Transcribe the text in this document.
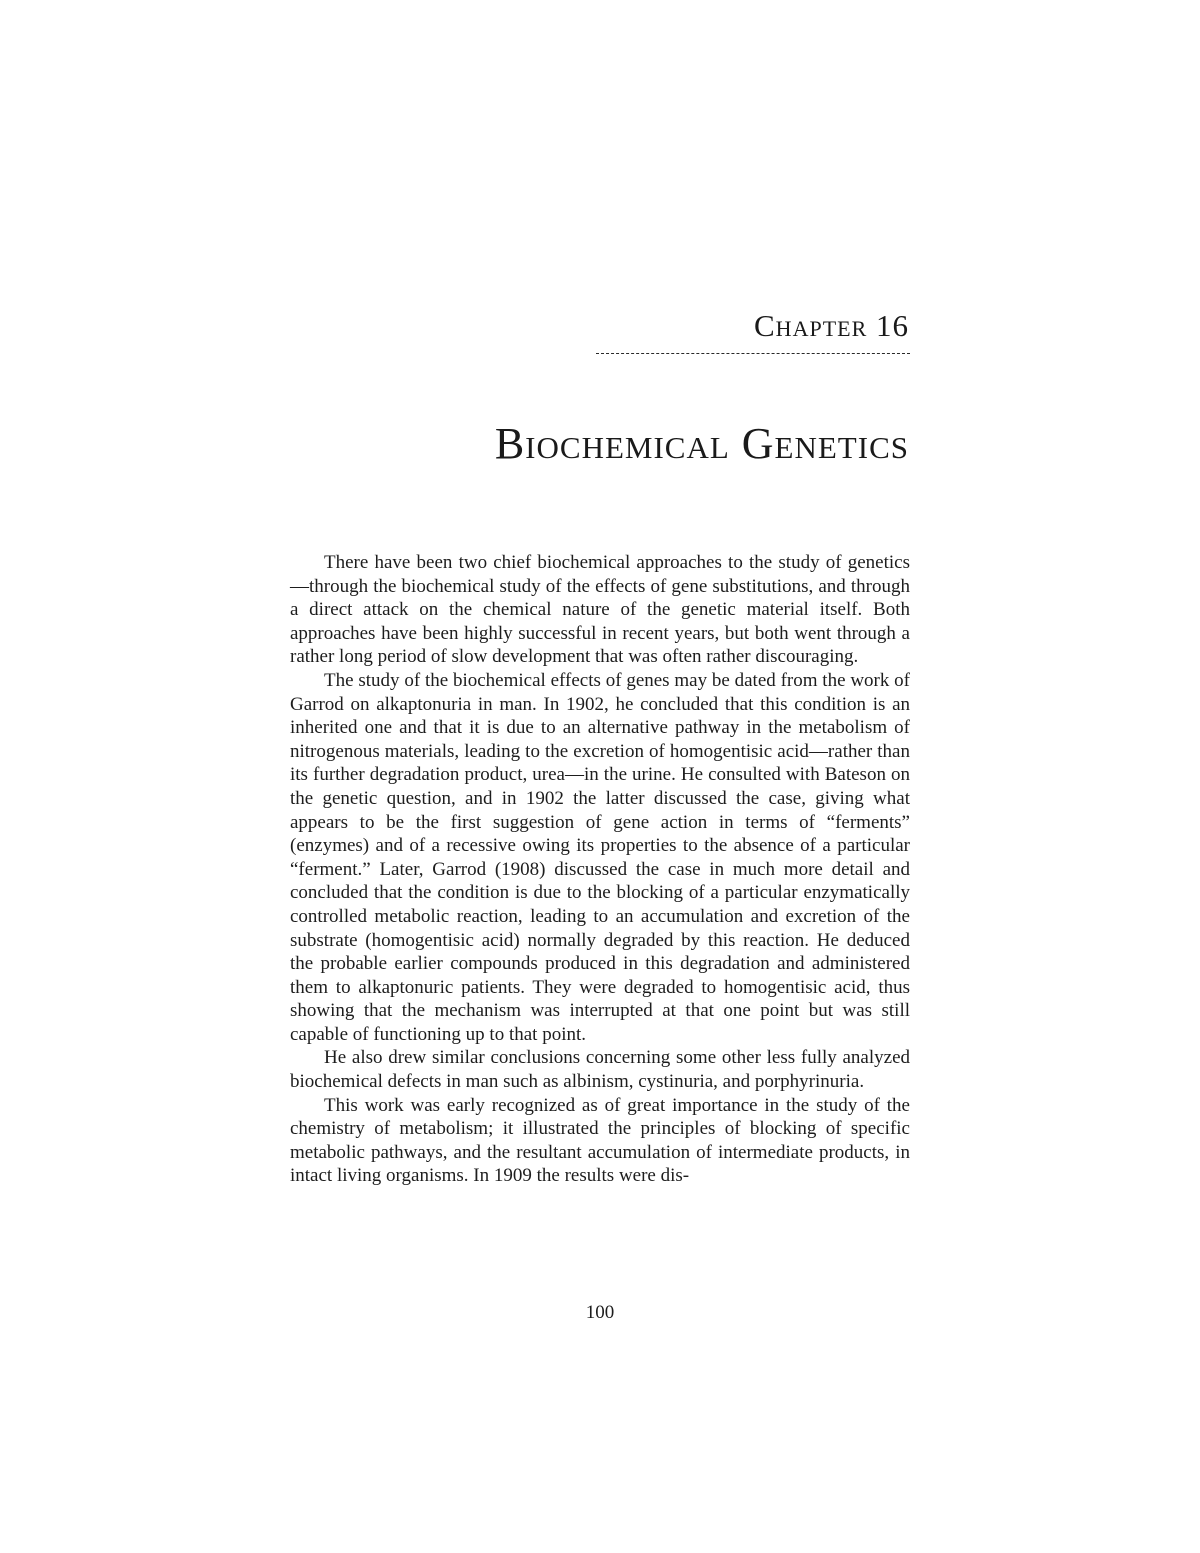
Chapter 16
Biochemical Genetics

There have been two chief biochemical approaches to the study of genetics—through the biochemical study of the effects of gene substitutions, and through a direct attack on the chemical nature of the genetic material itself. Both approaches have been highly successful in recent years, but both went through a rather long period of slow development that was often rather discouraging.

The study of the biochemical effects of genes may be dated from the work of Garrod on alkaptonuria in man. In 1902, he concluded that this condition is an inherited one and that it is due to an alternative pathway in the metabolism of nitrogenous materials, leading to the excretion of homogentisic acid—rather than its further degradation product, urea—in the urine. He consulted with Bateson on the genetic question, and in 1902 the latter discussed the case, giving what appears to be the first suggestion of gene action in terms of “ferments” (enzymes) and of a recessive owing its properties to the absence of a particular “ferment.” Later, Garrod (1908) discussed the case in much more detail and concluded that the condition is due to the blocking of a particular enzymatically controlled metabolic reaction, leading to an accumulation and excretion of the substrate (homogentisic acid) normally degraded by this reaction. He deduced the probable earlier compounds produced in this degradation and administered them to alkaptonuric patients. They were degraded to homogentisic acid, thus showing that the mechanism was interrupted at that one point but was still capable of functioning up to that point.

He also drew similar conclusions concerning some other less fully analyzed biochemical defects in man such as albinism, cystinuria, and porphyrinuria.

This work was early recognized as of great importance in the study of the chemistry of metabolism; it illustrated the principles of blocking of specific metabolic pathways, and the resultant accumulation of intermediate products, in intact living organisms. In 1909 the results were dis-

100
